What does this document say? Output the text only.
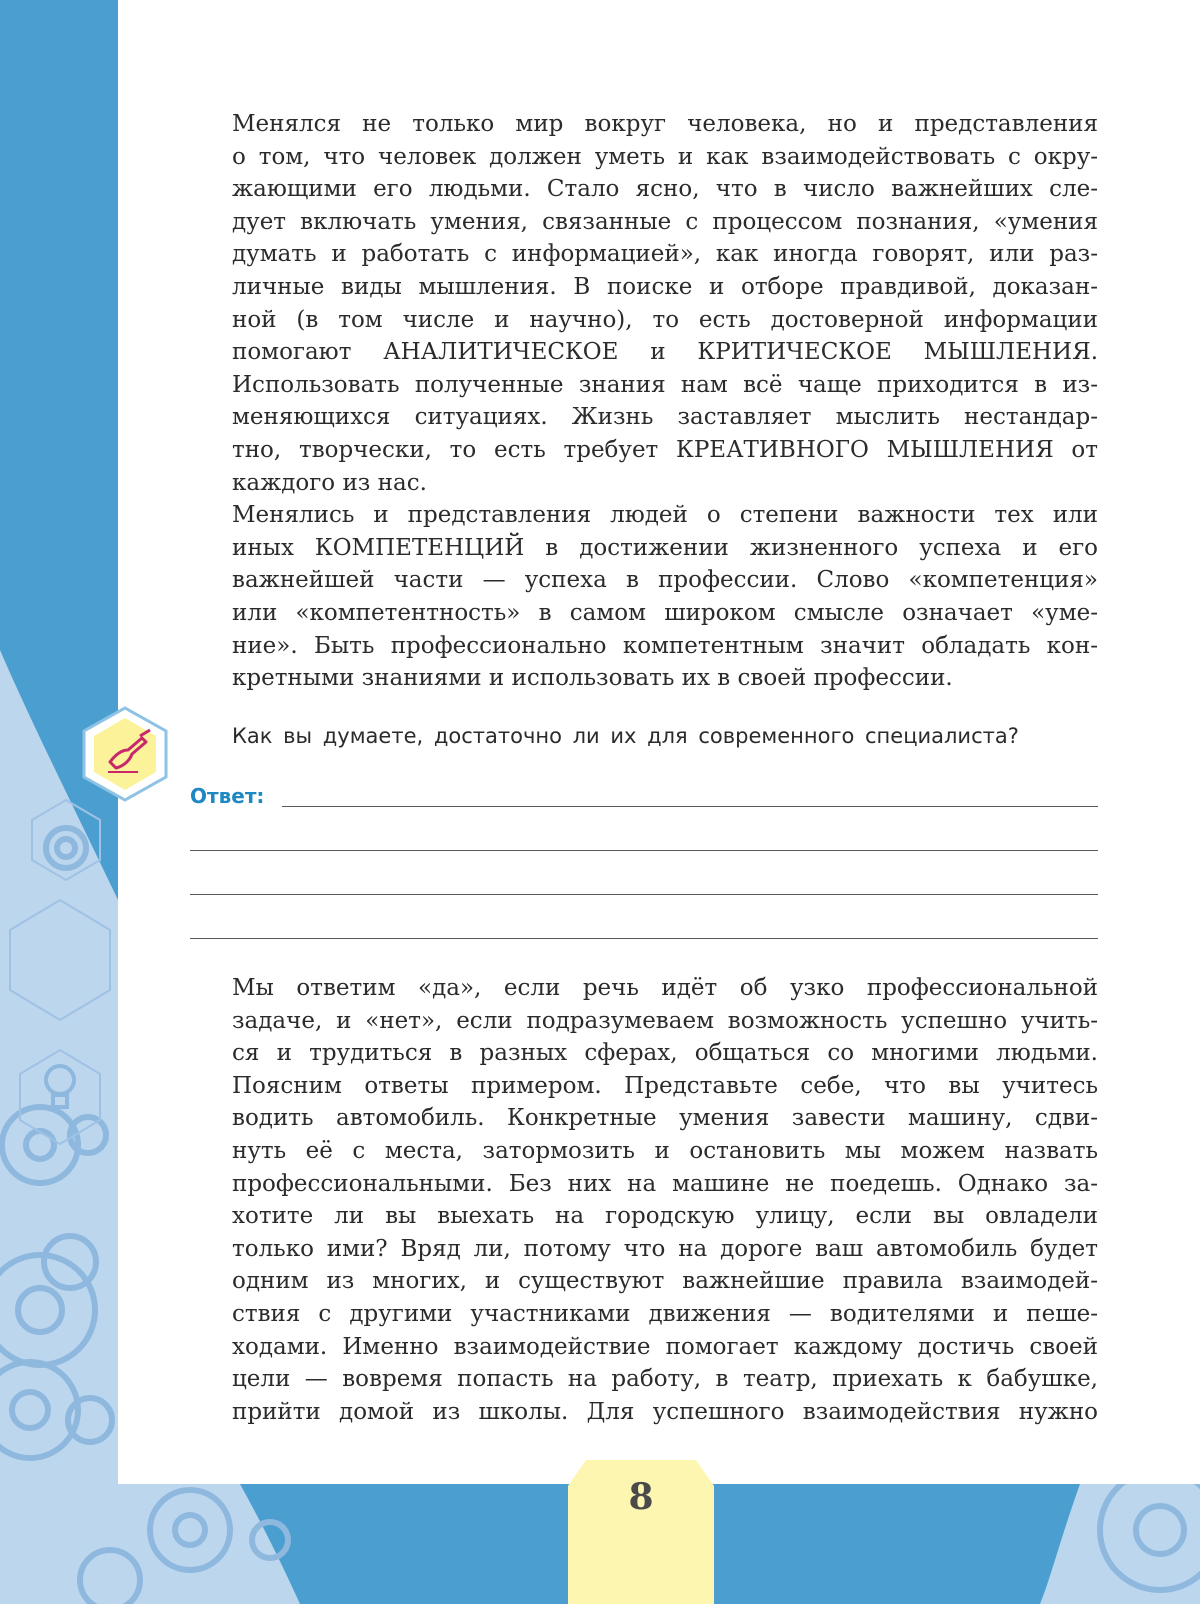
Менялся не только мир вокруг человека, но и представления
о том, что человек должен уметь и как взаимодействовать с окру-
жающими его людьми. Стало ясно, что в число важнейших сле-
дует включать умения, связанные с процессом познания, «умения
думать и работать с информацией», как иногда говорят, или раз-
личные виды мышления. В поиске и отборе правдивой, доказан-
ной (в том числе и научно), то есть достоверной информации
помогают АНАЛИТИЧЕСКОЕ и КРИТИЧЕСКОЕ МЫШЛЕНИЯ.
Использовать полученные знания нам всё чаще приходится в из-
меняющихся ситуациях. Жизнь заставляет мыслить нестандар-
тно, творчески, то есть требует КРЕАТИВНОГО МЫШЛЕНИЯ от
каждого из нас.

Менялись и представления людей о степени важности тех или
иных КОМПЕТЕНЦИЙ в достижении жизненного успеха и его
важнейшей части — успеха в профессии. Слово «компетенция»
или «компетентность» в самом широком смысле означает «уме-
ние». Быть профессионально компетентным значит обладать кон-
кретными знаниями и использовать их в своей профессии.

Как вы думаете, достаточно ли их для современного специалиста?
Ответ:

Мы ответим «да», если речь идёт об узко профессиональной
задаче, и «нет», если подразумеваем возможность успешно учить-
ся и трудиться в разных сферах, общаться со многими людьми.
Поясним ответы примером. Представьте себе, что вы учитесь
водить автомобиль. Конкретные умения завести машину, сдви-
нуть её с места, затормозить и остановить мы можем назвать
профессиональными. Без них на машине не поедешь. Однако за-
хотите ли вы выехать на городскую улицу, если вы овладели
только ими? Вряд ли, потому что на дороге ваш автомобиль будет
одним из многих, и существуют важнейшие правила взаимодей-
ствия с другими участниками движения — водителями и пеше-
ходами. Именно взаимодействие помогает каждому достичь своей
цели — вовремя попасть на работу, в театр, приехать к бабушке,
прийти домой из школы. Для успешного взаимодействия нужно

8
